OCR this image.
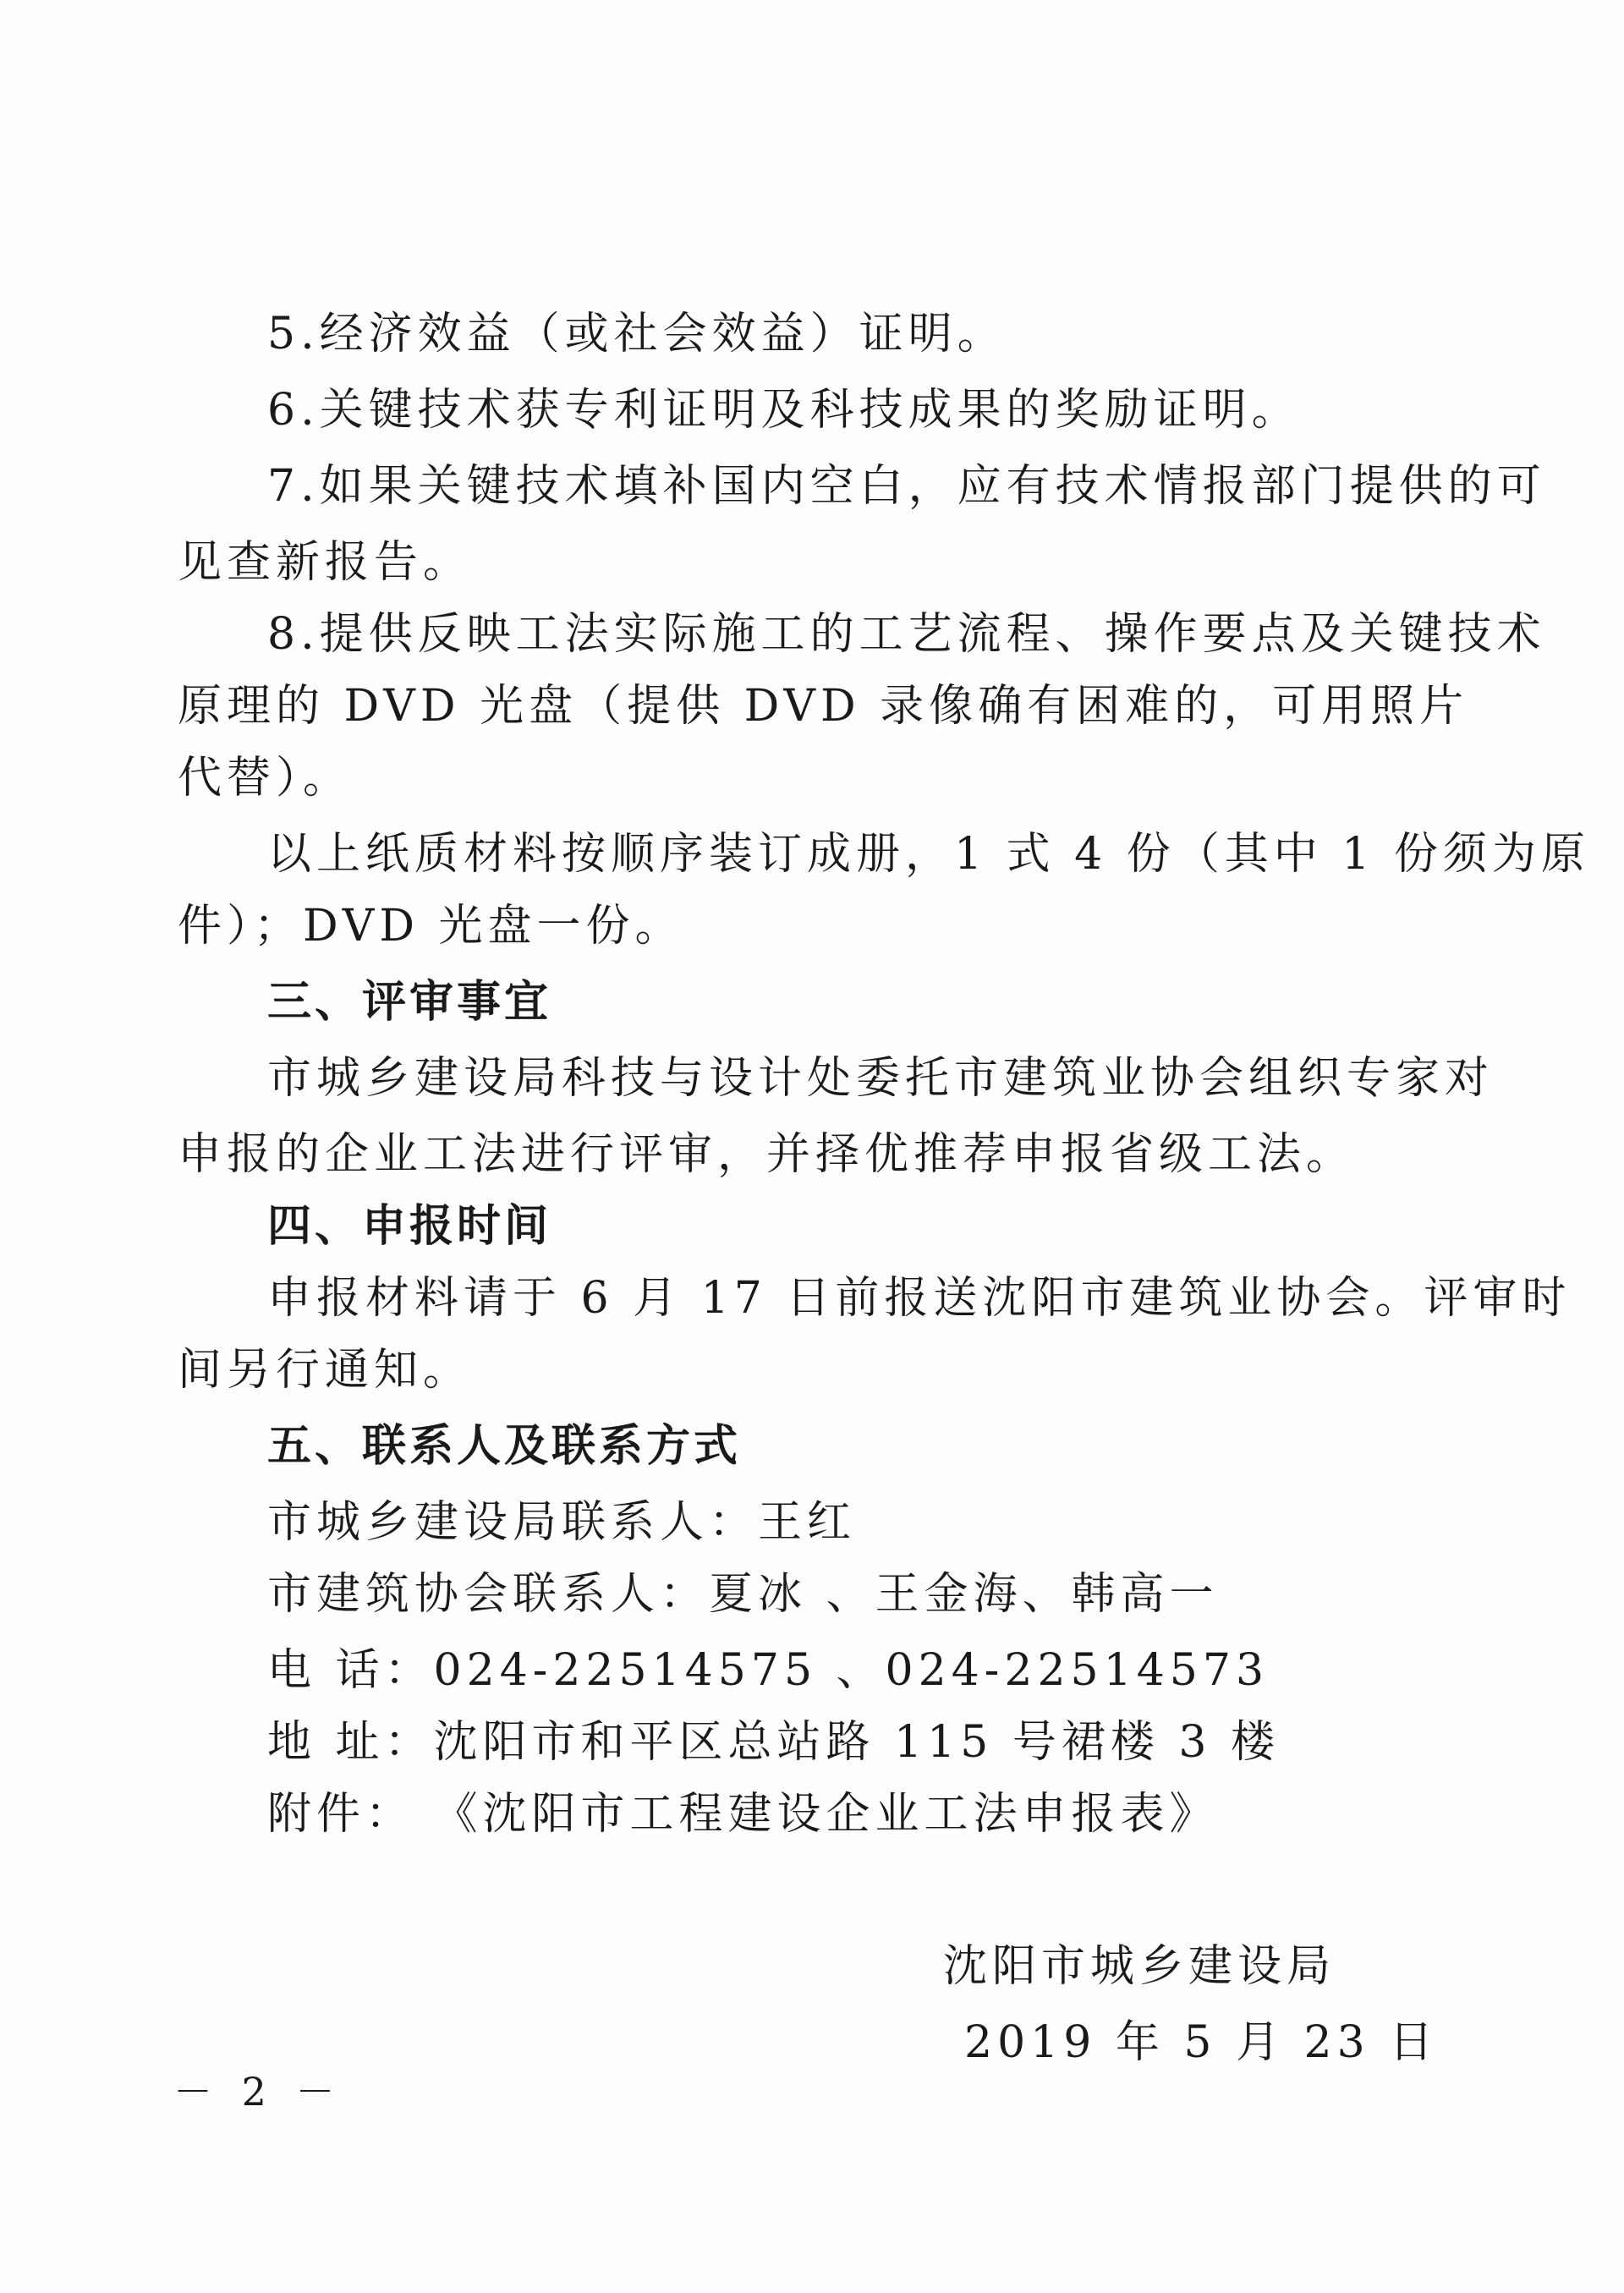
5.经济效益（或社会效益）证明。
6.关键技术获专利证明及科技成果的奖励证明。
7.如果关键技术填补国内空白，应有技术情报部门提供的可
见查新报告。
8.提供反映工法实际施工的工艺流程、操作要点及关键技术
原理的 DVD 光盘（提供 DVD 录像确有困难的，可用照片
代替）。
以上纸质材料按顺序装订成册，1 式 4 份（其中 1 份须为原
件）；DVD 光盘一份。
三、评审事宜
市城乡建设局科技与设计处委托市建筑业协会组织专家对
申报的企业工法进行评审，并择优推荐申报省级工法。
四、申报时间
申报材料请于 6 月 17 日前报送沈阳市建筑业协会。评审时
间另行通知。
五、联系人及联系方式
市城乡建设局联系人：王红
市建筑协会联系人：夏冰 、王金海、韩高一
电 话：024-22514575 、024-22514573
地 址：沈阳市和平区总站路 115 号裙楼 3 楼
附件： 《沈阳市工程建设企业工法申报表》
沈阳市城乡建设局
2019 年 5 月 23 日
－ 2 －
